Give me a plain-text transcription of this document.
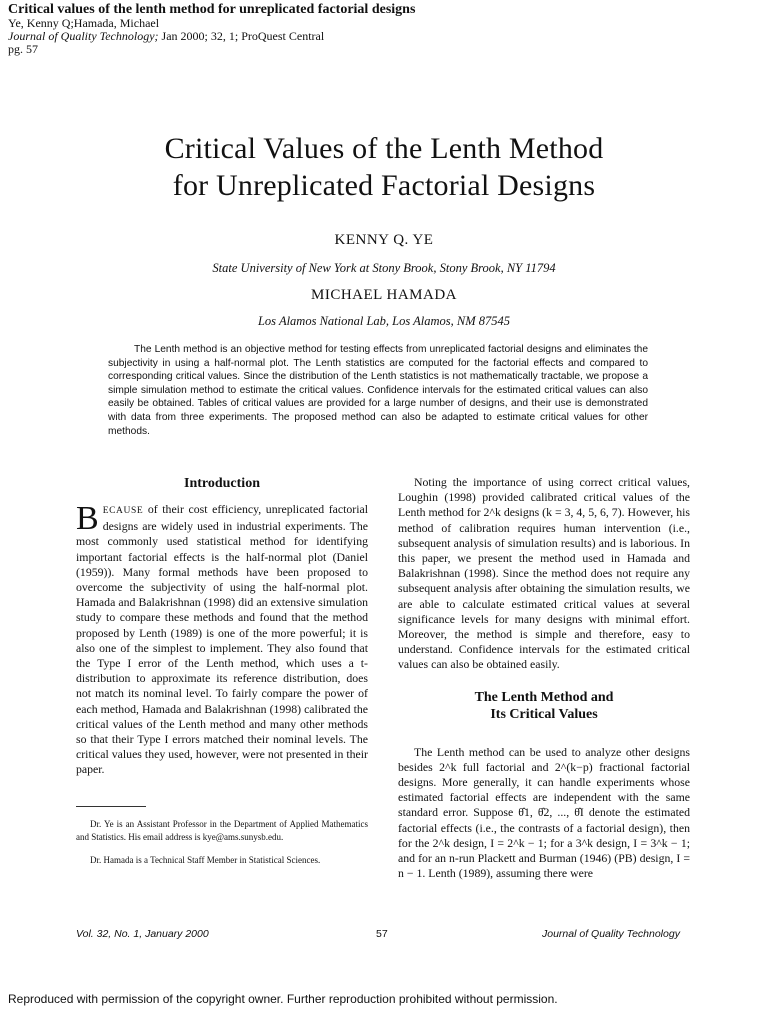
Critical values of the lenth method for unreplicated factorial designs
Ye, Kenny Q;Hamada, Michael
Journal of Quality Technology; Jan 2000; 32, 1; ProQuest Central
pg. 57
Critical Values of the Lenth Method
for Unreplicated Factorial Designs
KENNY Q. YE
State University of New York at Stony Brook, Stony Brook, NY 11794
MICHAEL HAMADA
Los Alamos National Lab, Los Alamos, NM 87545

The Lenth method is an objective method for testing effects from unreplicated factorial designs and eliminates the subjectivity in using a half-normal plot. The Lenth statistics are computed for the factorial effects and compared to corresponding critical values. Since the distribution of the Lenth statistics is not mathematically tractable, we propose a simple simulation method to estimate the critical values. Confidence intervals for the estimated critical values can also easily be obtained. Tables of critical values are provided for a large number of designs, and their use is demonstrated with data from three experiments. The proposed method can also be adapted to estimate critical values for other methods.

Introduction

BECAUSE of their cost efficiency, unreplicated factorial designs are widely used in industrial experiments. The most commonly used statistical method for identifying important factorial effects is the half-normal plot (Daniel (1959)). Many formal methods have been proposed to overcome the subjectivity of using the half-normal plot. Hamada and Balakrishnan (1998) did an extensive simulation study to compare these methods and found that the method proposed by Lenth (1989) is one of the more powerful; it is also one of the simplest to implement. They also found that the Type I error of the Lenth method, which uses a t-distribution to approximate its reference distribution, does not match its nominal level. To fairly compare the power of each method, Hamada and Balakrishnan (1998) calibrated the critical values of the Lenth method and many other methods so that their Type I errors matched their nominal levels. The critical values they used, however, were not presented in their paper.

Dr. Ye is an Assistant Professor in the Department of Applied Mathematics and Statistics. His email address is kye@ams.sunysb.edu.

Dr. Hamada is a Technical Staff Member in Statistical Sciences.

Noting the importance of using correct critical values, Loughin (1998) provided calibrated critical values of the Lenth method for 2^k designs (k = 3, 4, 5, 6, 7). However, his method of calibration requires human intervention (i.e., subsequent analysis of simulation results) and is laborious. In this paper, we present the method used in Hamada and Balakrishnan (1998). Since the method does not require any subsequent analysis after obtaining the simulation results, we are able to calculate estimated critical values at several significance levels for many designs with minimal effort. Moreover, the method is simple and therefore, easy to understand. Confidence intervals for the estimated critical values can also be obtained easily.

The Lenth Method and
Its Critical Values

The Lenth method can be used to analyze other designs besides 2^k full factorial and 2^(k−p) fractional factorial designs. More generally, it can handle experiments whose estimated factorial effects are independent with the same standard error. Suppose θ̂1, θ̂2, ..., θ̂I denote the estimated factorial effects (i.e., the contrasts of a factorial design), then for the 2^k design, I = 2^k − 1; for a 3^k design, I = 3^k − 1; and for an n-run Plackett and Burman (1946) (PB) design, I = n − 1. Lenth (1989), assuming there were

Vol. 32, No. 1, January 2000	57	Journal of Quality Technology
Reproduced with permission of the copyright owner. Further reproduction prohibited without permission.
